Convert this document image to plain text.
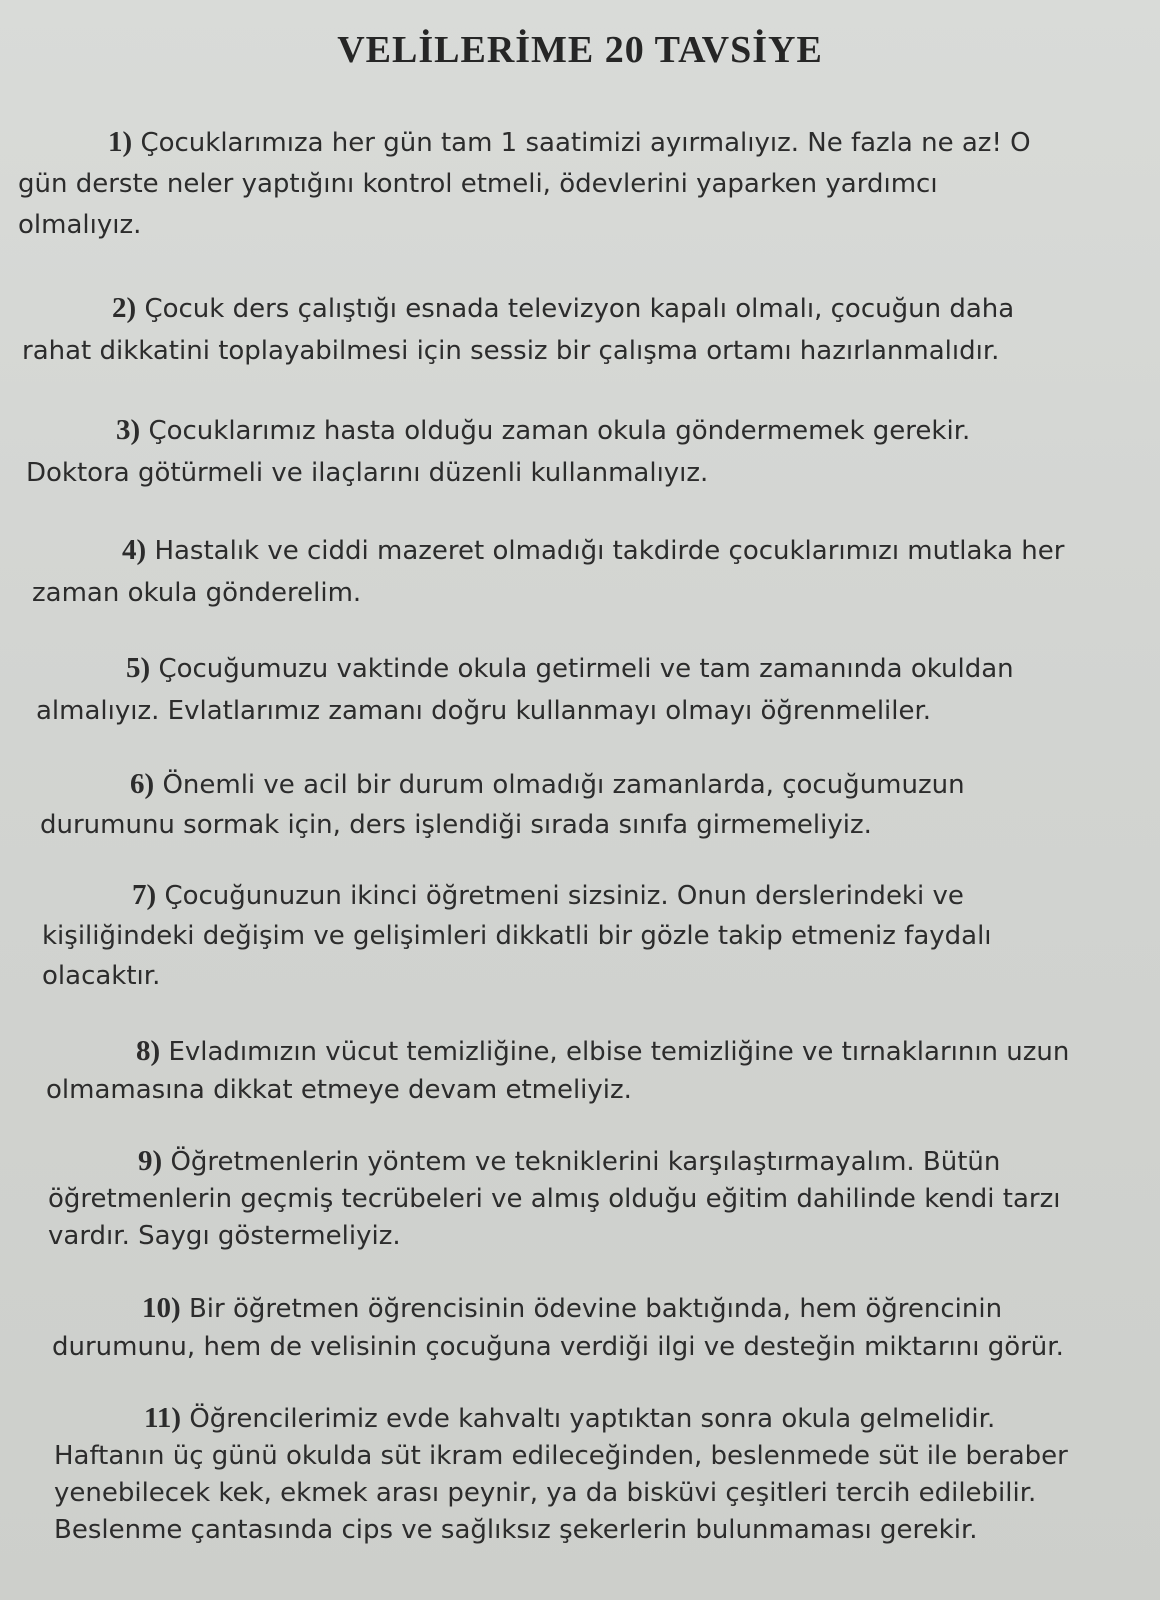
VELİLERİME 20 TAVSİYE
1) Çocuklarımıza her gün tam 1 saatimizi ayırmalıyız. Ne fazla ne az! O
gün derste neler yaptığını kontrol etmeli, ödevlerini yaparken yardımcı
olmalıyız.
2) Çocuk ders çalıştığı esnada televizyon kapalı olmalı, çocuğun daha
rahat dikkatini toplayabilmesi için sessiz bir çalışma ortamı hazırlanmalıdır.
3) Çocuklarımız hasta olduğu zaman okula göndermemek gerekir.
Doktora götürmeli ve ilaçlarını düzenli kullanmalıyız.
4) Hastalık ve ciddi mazeret olmadığı takdirde çocuklarımızı mutlaka her
zaman okula gönderelim.
5) Çocuğumuzu vaktinde okula getirmeli ve tam zamanında okuldan
almalıyız. Evlatlarımız zamanı doğru kullanmayı olmayı öğrenmeliler.
6) Önemli ve acil bir durum olmadığı zamanlarda, çocuğumuzun
durumunu sormak için, ders işlendiği sırada sınıfa girmemeliyiz.
7) Çocuğunuzun ikinci öğretmeni sizsiniz. Onun derslerindeki ve
kişiliğindeki değişim ve gelişimleri dikkatli bir gözle takip etmeniz faydalı
olacaktır.
8) Evladımızın vücut temizliğine, elbise temizliğine ve tırnaklarının uzun
olmamasına dikkat etmeye devam etmeliyiz.
9) Öğretmenlerin yöntem ve tekniklerini karşılaştırmayalım. Bütün
öğretmenlerin geçmiş tecrübeleri ve almış olduğu eğitim dahilinde kendi tarzı
vardır. Saygı göstermeliyiz.
10) Bir öğretmen öğrencisinin ödevine baktığında, hem öğrencinin
durumunu, hem de velisinin çocuğuna verdiği ilgi ve desteğin miktarını görür.
11) Öğrencilerimiz evde kahvaltı yaptıktan sonra okula gelmelidir.
Haftanın üç günü okulda süt ikram edileceğinden, beslenmede süt ile beraber
yenebilecek kek, ekmek arası peynir, ya da bisküvi çeşitleri tercih edilebilir.
Beslenme çantasında cips ve sağlıksız şekerlerin bulunmaması gerekir.
